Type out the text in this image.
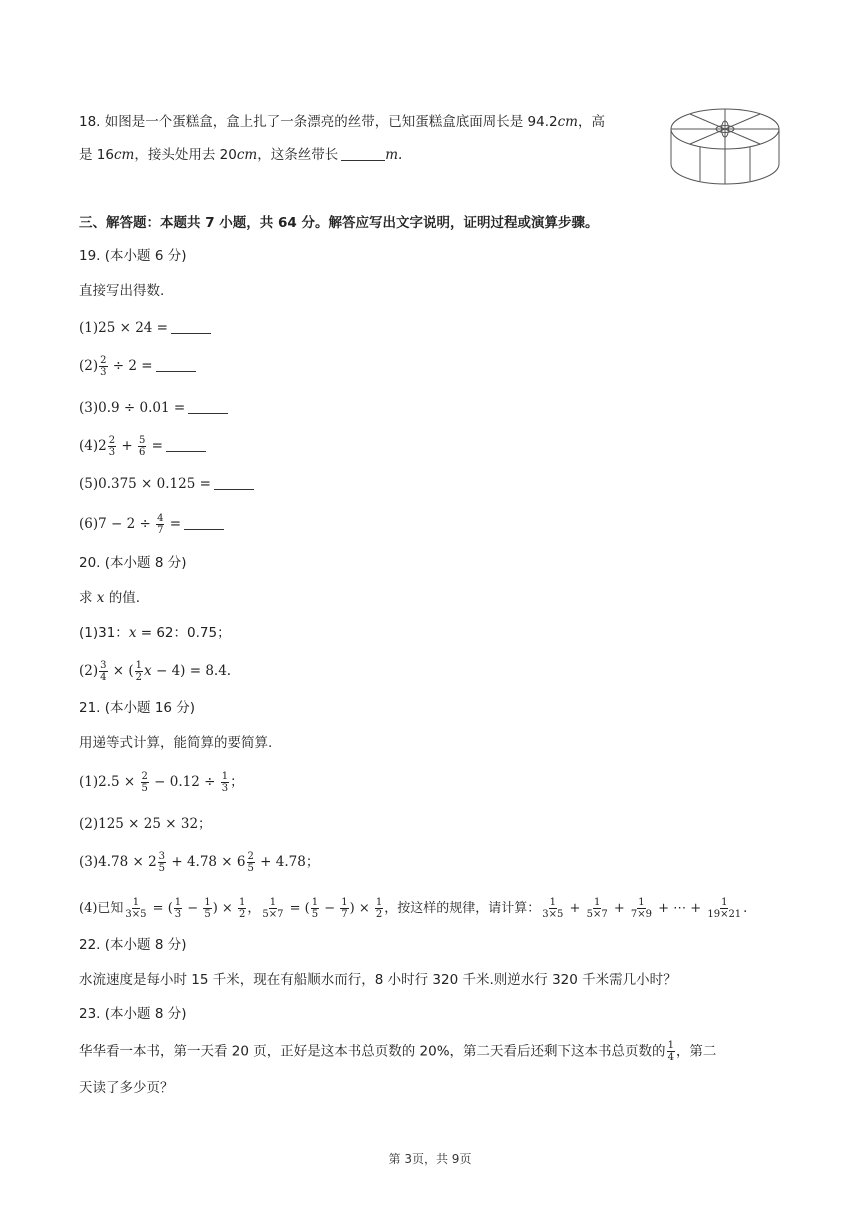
18. 如图是一个蛋糕盒，盒上扎了一条漂亮的丝带，已知蛋糕盒底面周长是 94.2cm，高
是 16cm，接头处用去 20cm，这条丝带长	m.
三、解答题：本题共 7 小题，共 64 分。解答应写出文字说明，证明过程或演算步骤。
19. (本小题 6 分)
直接写出得数.
(1)25 × 24 =
$(2) \frac{2}{3} \div 2$ =
(3)0.9 ÷ 0.01 =
$(4)2 \frac{2}{3} + \frac{5}{6}$ =
(5)0.375 × 0.125 =
$(6)7 - 2 \div \frac{4}{7}$ =
20. (本小题 8 分)
求 x 的值.
(1)31：x = 62：0.75；
$(2) \frac{3}{4}$ × ( $\frac{1}{2}$ x − 4) = 8.4.
21. (本小题 16 分)
用递等式计算，能简算的要简算.
$(1)2.5 \times \frac{2}{5} - 0.12 \div \frac{1}{3}$ ；
(2)125 × 25 × 32；
$(3)4.78 \times 2 \frac{3}{5} + 4.78 \times 6 \frac{2}{5} + 4.78$；
(4)已知 $\frac{1}{3\times 5}$ = ( $\frac{1}{3} - \frac{1}{5}$ ) × $\frac{1}{2}$ ， $\frac{1}{5\times 7}$ = ( $\frac{1}{5} - \frac{1}{7}$ ) × $\frac{1}{2}$ ，按这样的规律，请计算： $\frac{1}{3\times 5} + \frac{1}{5\times 7} + \frac{1}{7\times 9}$ + ⋯ + $\frac{1}{19\times 21}$ .
22. (本小题 8 分)
水流速度是每小时 15 千米，现在有船顺水而行，8 小时行 320 千米.则逆水行 320 千米需几小时？
23. (本小题 8 分)
华华看一本书，第一天看 20 页，正好是这本书总页数的 20%，第二天看后还剩下这本书总页数的 $\frac{1}{4}$ ，第二
天读了多少页？
第 3页，共 9页
